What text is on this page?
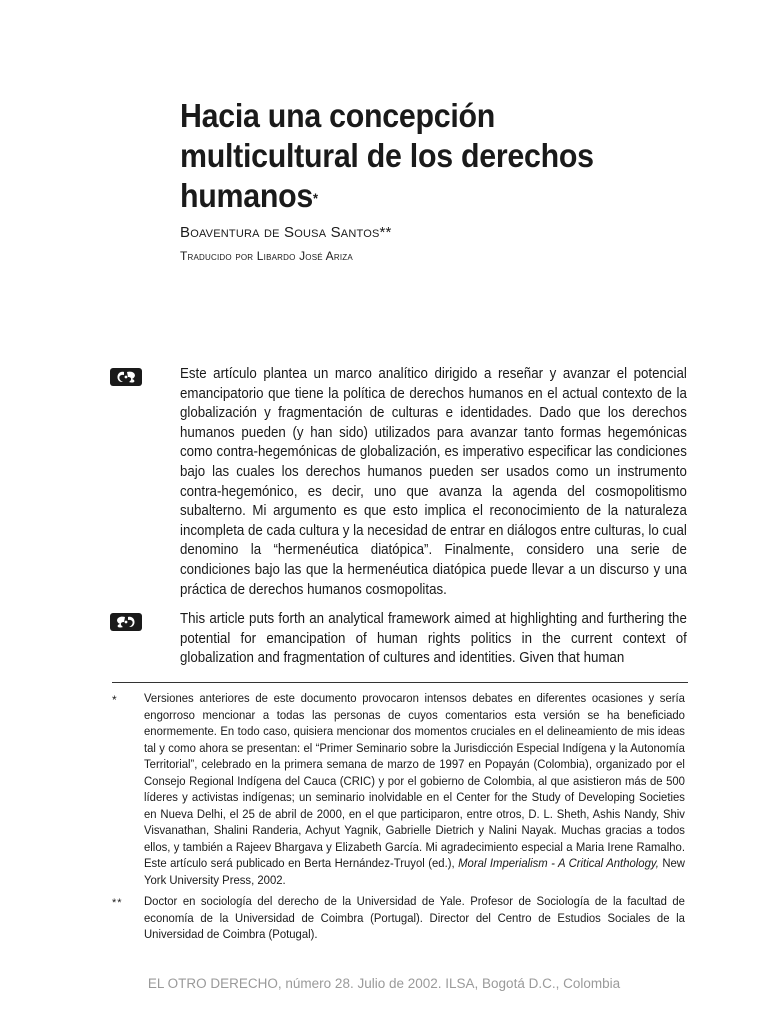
Hacia una concepción multicultural de los derechos humanos*
Boaventura de Sousa Santos**
Traducido por Libardo José Ariza
Este artículo plantea un marco analítico dirigido a reseñar y avanzar el potencial emancipatorio que tiene la política de derechos humanos en el actual contexto de la globalización y fragmentación de culturas e identidades. Dado que los derechos humanos pueden (y han sido) utilizados para avanzar tanto formas hegemónicas como contra-hegemónicas de globalización, es imperativo especificar las condiciones bajo las cuales los derechos humanos pueden ser usados como un instrumento contra-hegemónico, es decir, uno que avanza la agenda del cosmopolitismo subalterno. Mi argumento es que esto implica el reconocimiento de la naturaleza incompleta de cada cultura y la necesidad de entrar en diálogos entre culturas, lo cual denomino la “hermenéutica diatópica”. Finalmente, considero una serie de condiciones bajo las que la hermenéutica diatópica puede llevar a un discurso y una práctica de derechos humanos cosmopolitas.
This article puts forth an analytical framework aimed at highlighting and furthering the potential for emancipation of human rights politics in the current context of globalization and fragmentation of cultures and identities. Given that human
*	Versiones anteriores de este documento provocaron intensos debates en diferentes ocasiones y sería engorroso mencionar a todas las personas de cuyos comentarios esta versión se ha beneficiado enormemente. En todo caso, quisiera mencionar dos momentos cruciales en el delineamiento de mis ideas tal y como ahora se presentan: el “Primer Seminario sobre la Jurisdicción Especial Indígena y la Autonomía Territorial”, celebrado en la primera semana de marzo de 1997 en Popayán (Colombia), organizado por el Consejo Regional Indígena del Cauca (CRIC) y por el gobierno de Colombia, al que asistieron más de 500 líderes y activistas indígenas; un seminario inolvidable en el Center for the Study of Developing Societies en Nueva Delhi, el 25 de abril de 2000, en el que participaron, entre otros, D. L. Sheth, Ashis Nandy, Shiv Visvanathan, Shalini Randeria, Achyut Yagnik, Gabrielle Dietrich y Nalini Nayak. Muchas gracias a todos ellos, y también a Rajeev Bhargava y Elizabeth García. Mi agradecimiento especial a Maria Irene Ramalho. Este artículo será publicado en Berta Hernández-Truyol (ed.), Moral Imperialism - A Critical Anthology, New York University Press, 2002.
**	Doctor en sociología del derecho de la Universidad de Yale. Profesor de Sociología de la facultad de economía de la Universidad de Coimbra (Portugal). Director del Centro de Estudios Sociales de la Universidad de Coimbra (Potugal).
EL OTRO DERECHO, número 28. Julio de 2002. ILSA, Bogotá D.C., Colombia
